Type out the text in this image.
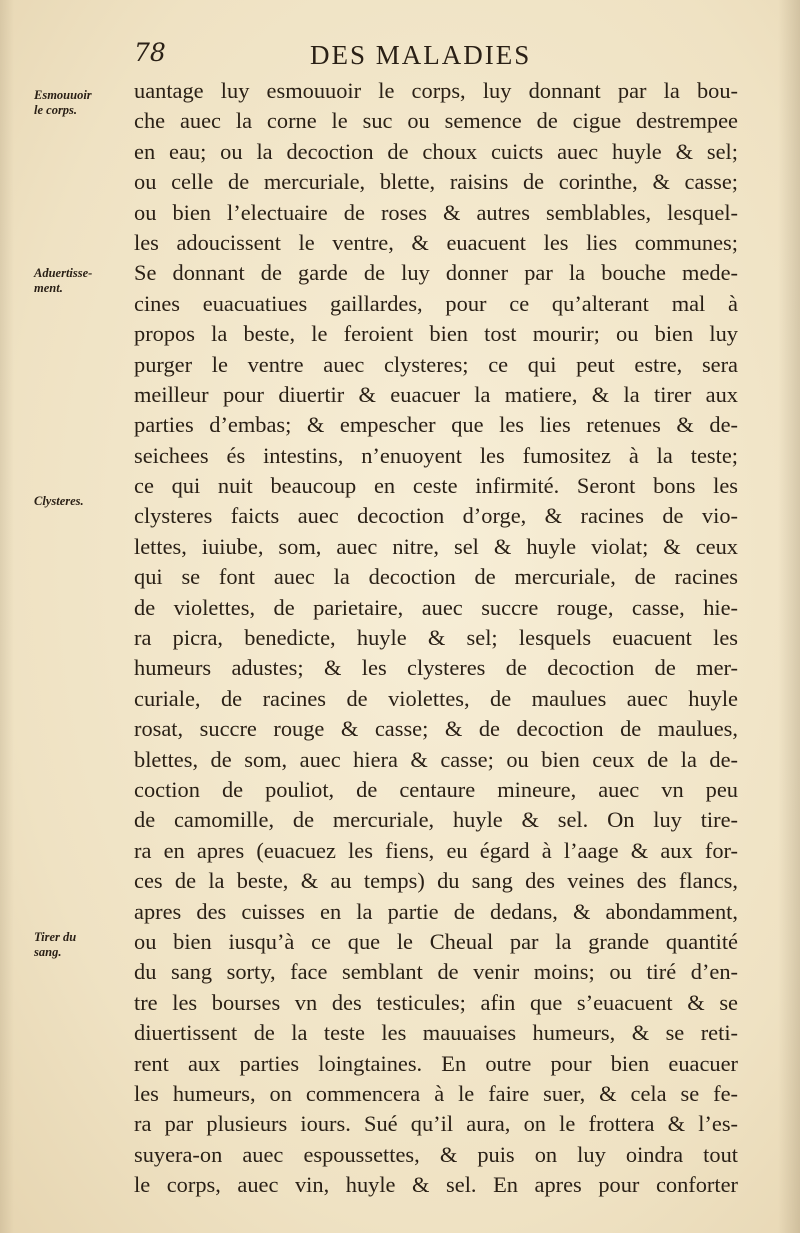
78	DES MALADIES
Esmouuoir
le corps.
Aduertisse-
ment.
Clysteres.
Tirer du
sang.
uantage luy esmouuoir le corps, luy donnant par la bou-
che auec la corne le suc ou semence de cigue destrempee
en eau; ou la decoction de choux cuicts auec huyle & sel;
ou celle de mercuriale, blette, raisins de corinthe, & casse;
ou bien l’electuaire de roses & autres semblables, lesquel-
les adoucissent le ventre, & euacuent les lies communes;
Se donnant de garde de luy donner par la bouche mede-
cines euacuatiues gaillardes, pour ce qu’alterant mal à
propos la beste, le feroient bien tost mourir; ou bien luy
purger le ventre auec clysteres; ce qui peut estre, sera
meilleur pour diuertir & euacuer la matiere, & la tirer aux
parties d’embas; & empescher que les lies retenues & de-
seichees és intestins, n’enuoyent les fumositez à la teste;
ce qui nuit beaucoup en ceste infirmité. Seront bons les
clysteres faicts auec decoction d’orge, & racines de vio-
lettes, iuiube, som, auec nitre, sel & huyle violat; & ceux
qui se font auec la decoction de mercuriale, de racines
de violettes, de parietaire, auec succre rouge, casse, hie-
ra picra, benedicte, huyle & sel; lesquels euacuent les
humeurs adustes; & les clysteres de decoction de mer-
curiale, de racines de violettes, de maulues auec huyle
rosat, succre rouge & casse; & de decoction de maulues,
blettes, de som, auec hiera & casse; ou bien ceux de la de-
coction de pouliot, de centaure mineure, auec vn peu
de camomille, de mercuriale, huyle & sel. On luy tire-
ra en apres (euacuez les fiens, eu égard à l’aage & aux for-
ces de la beste, & au temps) du sang des veines des flancs,
apres des cuisses en la partie de dedans, & abondamment,
ou bien iusqu’à ce que le Cheual par la grande quantité
du sang sorty, face semblant de venir moins; ou tiré d’en-
tre les bourses vn des testicules; afin que s’euacuent & se
diuertissent de la teste les mauuaises humeurs, & se reti-
rent aux parties loingtaines. En outre pour bien euacuer
les humeurs, on commencera à le faire suer, & cela se fe-
ra par plusieurs iours. Sué qu’il aura, on le frottera & l’es-
suyera-on auec espoussettes, & puis on luy oindra tout
le corps, auec vin, huyle & sel. En apres pour conforter
